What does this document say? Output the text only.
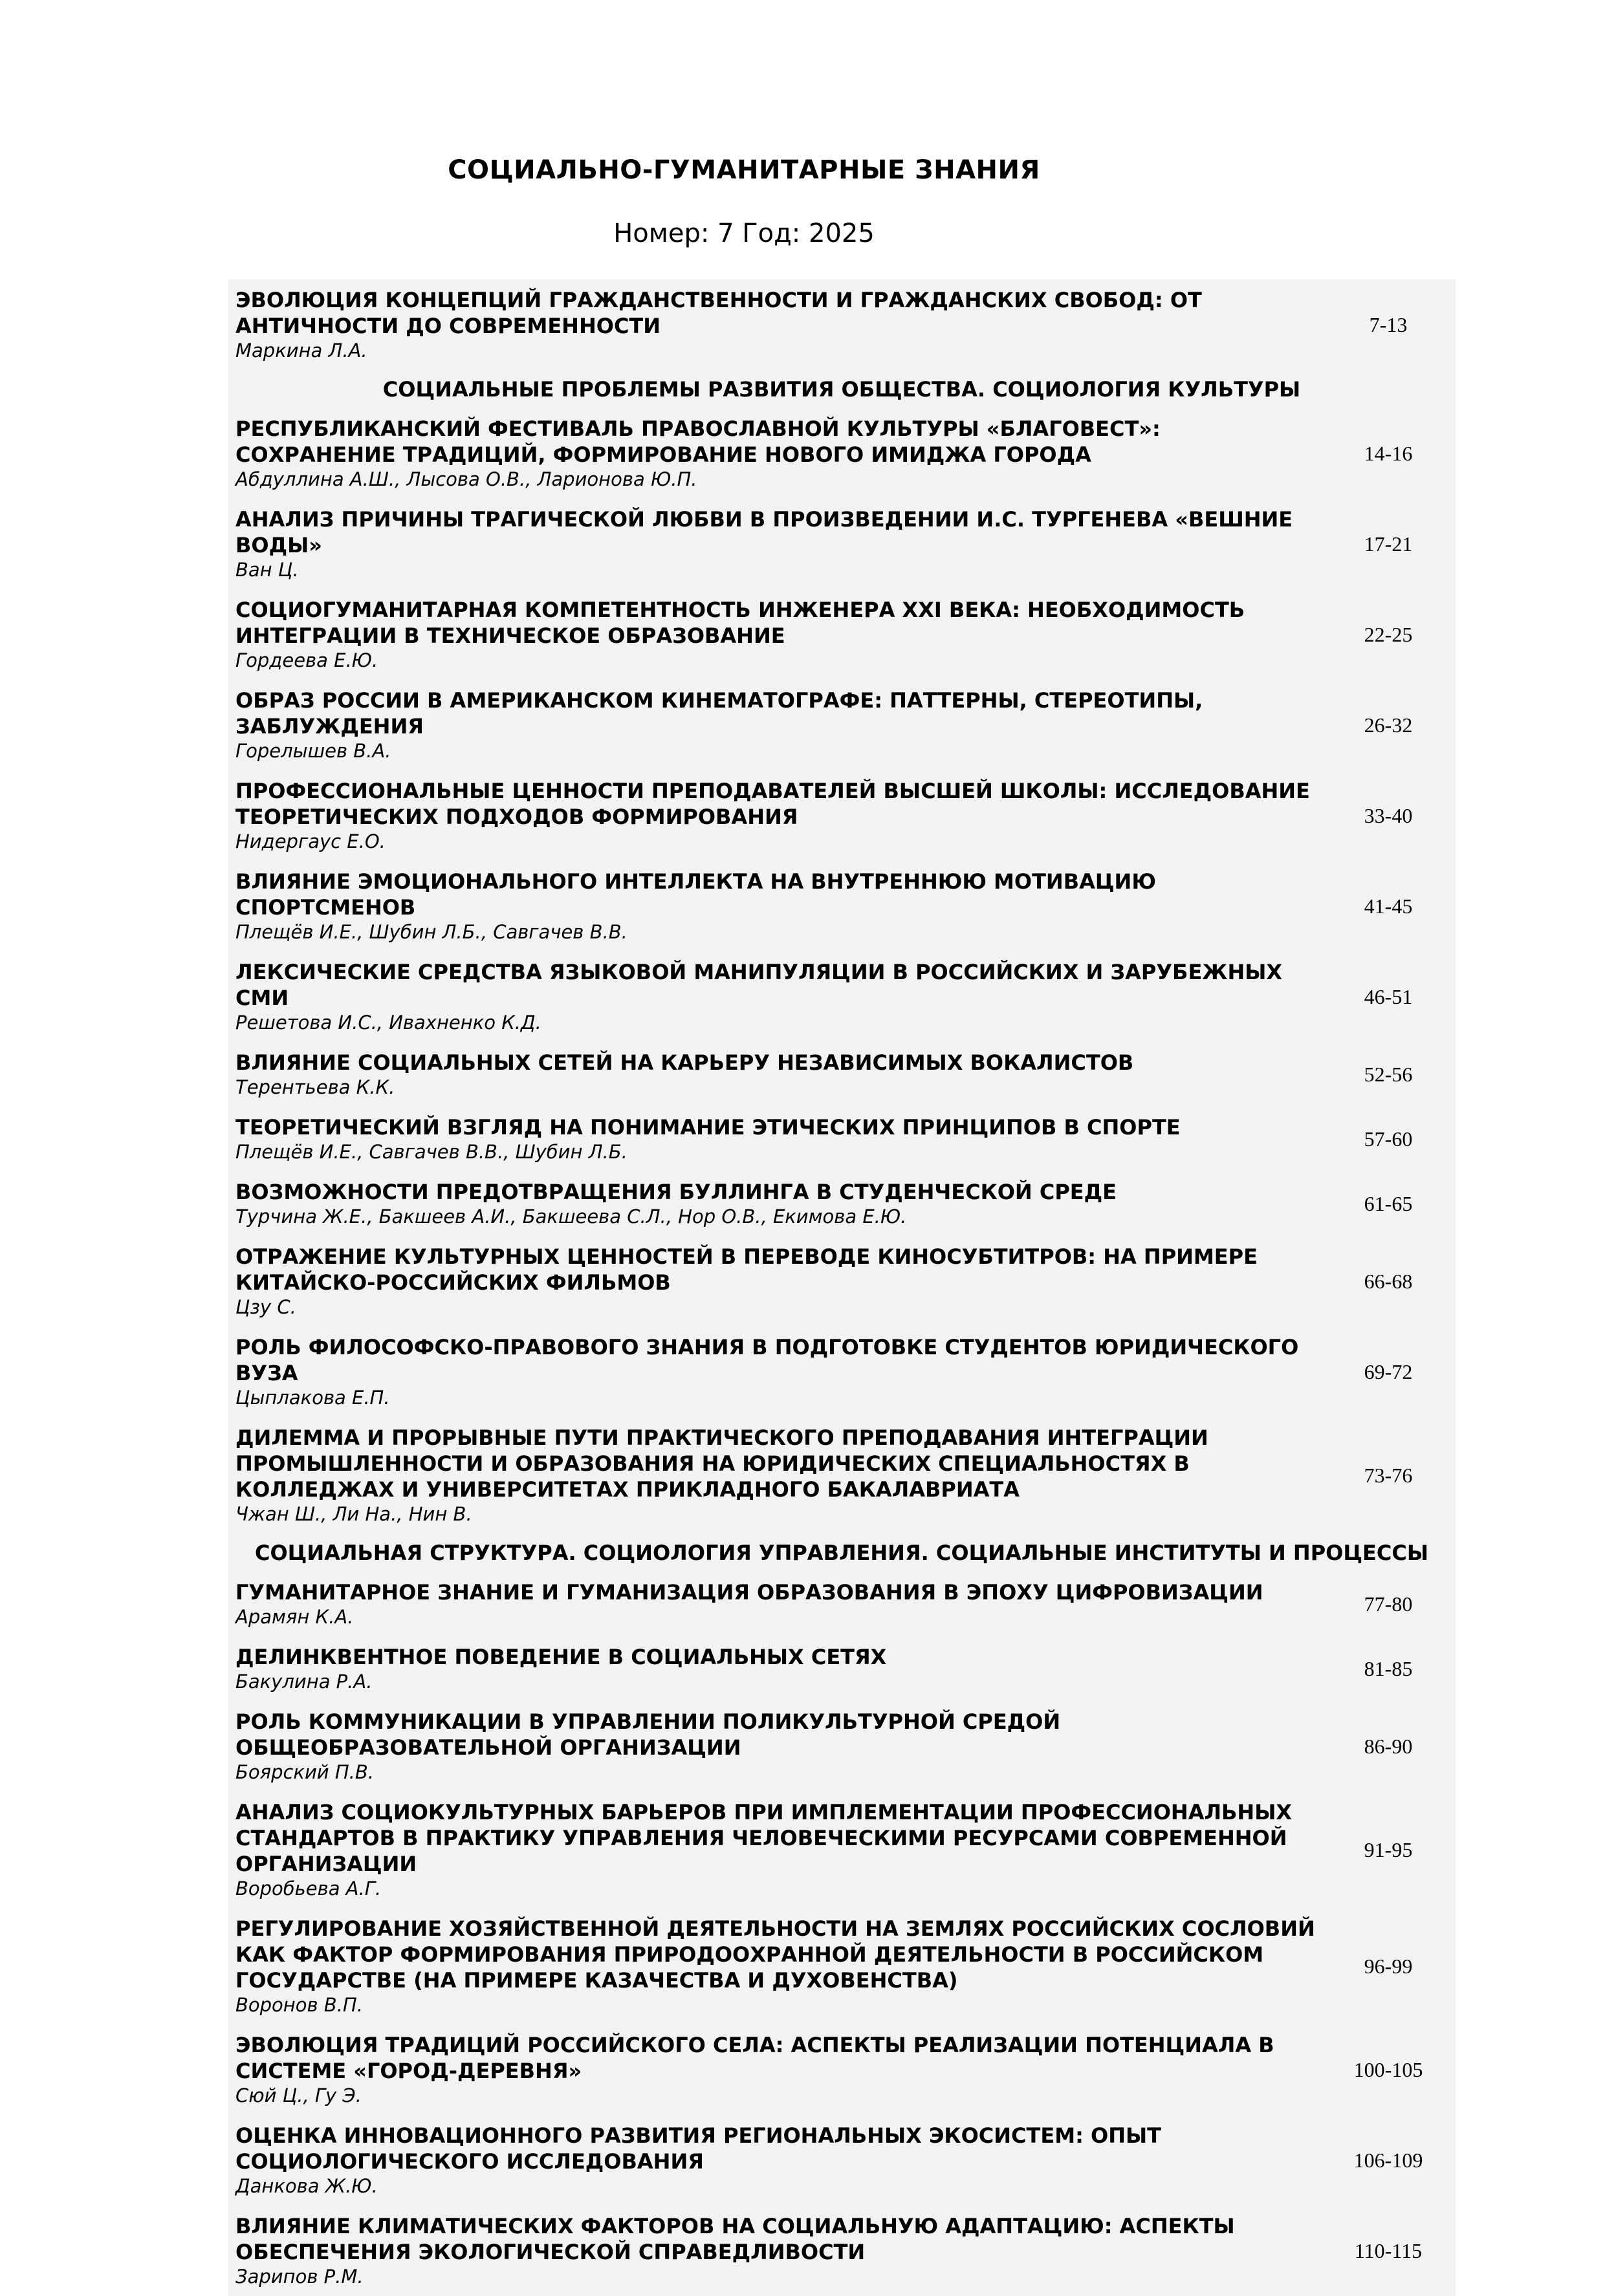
СОЦИАЛЬНО-ГУМАНИТАРНЫЕ ЗНАНИЯ
Номер: 7 Год: 2025
ЭВОЛЮЦИЯ КОНЦЕПЦИЙ ГРАЖДАНСТВЕННОСТИ И ГРАЖДАНСКИХ СВОБОД: ОТ АНТИЧНОСТИ ДО СОВРЕМЕННОСТИ
Маркина Л.А.
7-13
СОЦИАЛЬНЫЕ ПРОБЛЕМЫ РАЗВИТИЯ ОБЩЕСТВА. СОЦИОЛОГИЯ КУЛЬТУРЫ
РЕСПУБЛИКАНСКИЙ ФЕСТИВАЛЬ ПРАВОСЛАВНОЙ КУЛЬТУРЫ «БЛАГОВЕСТ»: СОХРАНЕНИЕ ТРАДИЦИЙ, ФОРМИРОВАНИЕ НОВОГО ИМИДЖА ГОРОДА
Абдуллина А.Ш., Лысова О.В., Ларионова Ю.П.
14-16
АНАЛИЗ ПРИЧИНЫ ТРАГИЧЕСКОЙ ЛЮБВИ В ПРОИЗВЕДЕНИИ И.С. ТУРГЕНЕВА «ВЕШНИЕ ВОДЫ»
Ван Ц.
17-21
СОЦИОГУМАНИТАРНАЯ КОМПЕТЕНТНОСТЬ ИНЖЕНЕРА XXI ВЕКА: НЕОБХОДИМОСТЬ ИНТЕГРАЦИИ В ТЕХНИЧЕСКОЕ ОБРАЗОВАНИЕ
Гордеева Е.Ю.
22-25
ОБРАЗ РОССИИ В АМЕРИКАНСКОМ КИНЕМАТОГРАФЕ: ПАТТЕРНЫ, СТЕРЕОТИПЫ, ЗАБЛУЖДЕНИЯ
Горелышев В.А.
26-32
ПРОФЕССИОНАЛЬНЫЕ ЦЕННОСТИ ПРЕПОДАВАТЕЛЕЙ ВЫСШЕЙ ШКОЛЫ: ИССЛЕДОВАНИЕ ТЕОРЕТИЧЕСКИХ ПОДХОДОВ ФОРМИРОВАНИЯ
Нидергаус Е.О.
33-40
ВЛИЯНИЕ ЭМОЦИОНАЛЬНОГО ИНТЕЛЛЕКТА НА ВНУТРЕННЮЮ МОТИВАЦИЮ СПОРТСМЕНОВ
Плещёв И.Е., Шубин Л.Б., Савгачев В.В.
41-45
ЛЕКСИЧЕСКИЕ СРЕДСТВА ЯЗЫКОВОЙ МАНИПУЛЯЦИИ В РОССИЙСКИХ И ЗАРУБЕЖНЫХ СМИ
Решетова И.С., Ивахненко К.Д.
46-51
ВЛИЯНИЕ СОЦИАЛЬНЫХ СЕТЕЙ НА КАРЬЕРУ НЕЗАВИСИМЫХ ВОКАЛИСТОВ
Терентьева К.К.
52-56
ТЕОРЕТИЧЕСКИЙ ВЗГЛЯД НА ПОНИМАНИЕ ЭТИЧЕСКИХ ПРИНЦИПОВ В СПОРТЕ
Плещёв И.Е., Савгачев В.В., Шубин Л.Б.
57-60
ВОЗМОЖНОСТИ ПРЕДОТВРАЩЕНИЯ БУЛЛИНГА В СТУДЕНЧЕСКОЙ СРЕДЕ
Турчина Ж.Е., Бакшеев А.И., Бакшеева С.Л., Нор О.В., Екимова Е.Ю.
61-65
ОТРАЖЕНИЕ КУЛЬТУРНЫХ ЦЕННОСТЕЙ В ПЕРЕВОДЕ КИНОСУБТИТРОВ: НА ПРИМЕРЕ КИТАЙСКО-РОССИЙСКИХ ФИЛЬМОВ
Цзу С.
66-68
РОЛЬ ФИЛОСОФСКО-ПРАВОВОГО ЗНАНИЯ В ПОДГОТОВКЕ СТУДЕНТОВ ЮРИДИЧЕСКОГО ВУЗА
Цыплакова Е.П.
69-72
ДИЛЕММА И ПРОРЫВНЫЕ ПУТИ ПРАКТИЧЕСКОГО ПРЕПОДАВАНИЯ ИНТЕГРАЦИИ ПРОМЫШЛЕННОСТИ И ОБРАЗОВАНИЯ НА ЮРИДИЧЕСКИХ СПЕЦИАЛЬНОСТЯХ В КОЛЛЕДЖАХ И УНИВЕРСИТЕТАХ ПРИКЛАДНОГО БАКАЛАВРИАТА
Чжан Ш., Ли На., Нин В.
73-76
СОЦИАЛЬНАЯ СТРУКТУРА. СОЦИОЛОГИЯ УПРАВЛЕНИЯ. СОЦИАЛЬНЫЕ ИНСТИТУТЫ И ПРОЦЕССЫ
ГУМАНИТАРНОЕ ЗНАНИЕ И ГУМАНИЗАЦИЯ ОБРАЗОВАНИЯ В ЭПОХУ ЦИФРОВИЗАЦИИ
Арамян К.А.
77-80
ДЕЛИНКВЕНТНОЕ ПОВЕДЕНИЕ В СОЦИАЛЬНЫХ СЕТЯХ
Бакулина Р.А.
81-85
РОЛЬ КОММУНИКАЦИИ В УПРАВЛЕНИИ ПОЛИКУЛЬТУРНОЙ СРЕДОЙ ОБЩЕОБРАЗОВАТЕЛЬНОЙ ОРГАНИЗАЦИИ
Боярский П.В.
86-90
АНАЛИЗ СОЦИОКУЛЬТУРНЫХ БАРЬЕРОВ ПРИ ИМПЛЕМЕНТАЦИИ ПРОФЕССИОНАЛЬНЫХ СТАНДАРТОВ В ПРАКТИКУ УПРАВЛЕНИЯ ЧЕЛОВЕЧЕСКИМИ РЕСУРСАМИ СОВРЕМЕННОЙ ОРГАНИЗАЦИИ
Воробьева А.Г.
91-95
РЕГУЛИРОВАНИЕ ХОЗЯЙСТВЕННОЙ ДЕЯТЕЛЬНОСТИ НА ЗЕМЛЯХ РОССИЙСКИХ СОСЛОВИЙ КАК ФАКТОР ФОРМИРОВАНИЯ ПРИРОДООХРАННОЙ ДЕЯТЕЛЬНОСТИ В РОССИЙСКОМ ГОСУДАРСТВЕ (НА ПРИМЕРЕ КАЗАЧЕСТВА И ДУХОВЕНСТВА)
Воронов В.П.
96-99
ЭВОЛЮЦИЯ ТРАДИЦИЙ РОССИЙСКОГО СЕЛА: АСПЕКТЫ РЕАЛИЗАЦИИ ПОТЕНЦИАЛА В СИСТЕМЕ «ГОРОД-ДЕРЕВНЯ»
Сюй Ц., Гу Э.
100-105
ОЦЕНКА ИННОВАЦИОННОГО РАЗВИТИЯ РЕГИОНАЛЬНЫХ ЭКОСИСТЕМ: ОПЫТ СОЦИОЛОГИЧЕСКОГО ИССЛЕДОВАНИЯ
Данкова Ж.Ю.
106-109
ВЛИЯНИЕ КЛИМАТИЧЕСКИХ ФАКТОРОВ НА СОЦИАЛЬНУЮ АДАПТАЦИЮ: АСПЕКТЫ ОБЕСПЕЧЕНИЯ ЭКОЛОГИЧЕСКОЙ СПРАВЕДЛИВОСТИ
Зарипов Р.М.
110-115
